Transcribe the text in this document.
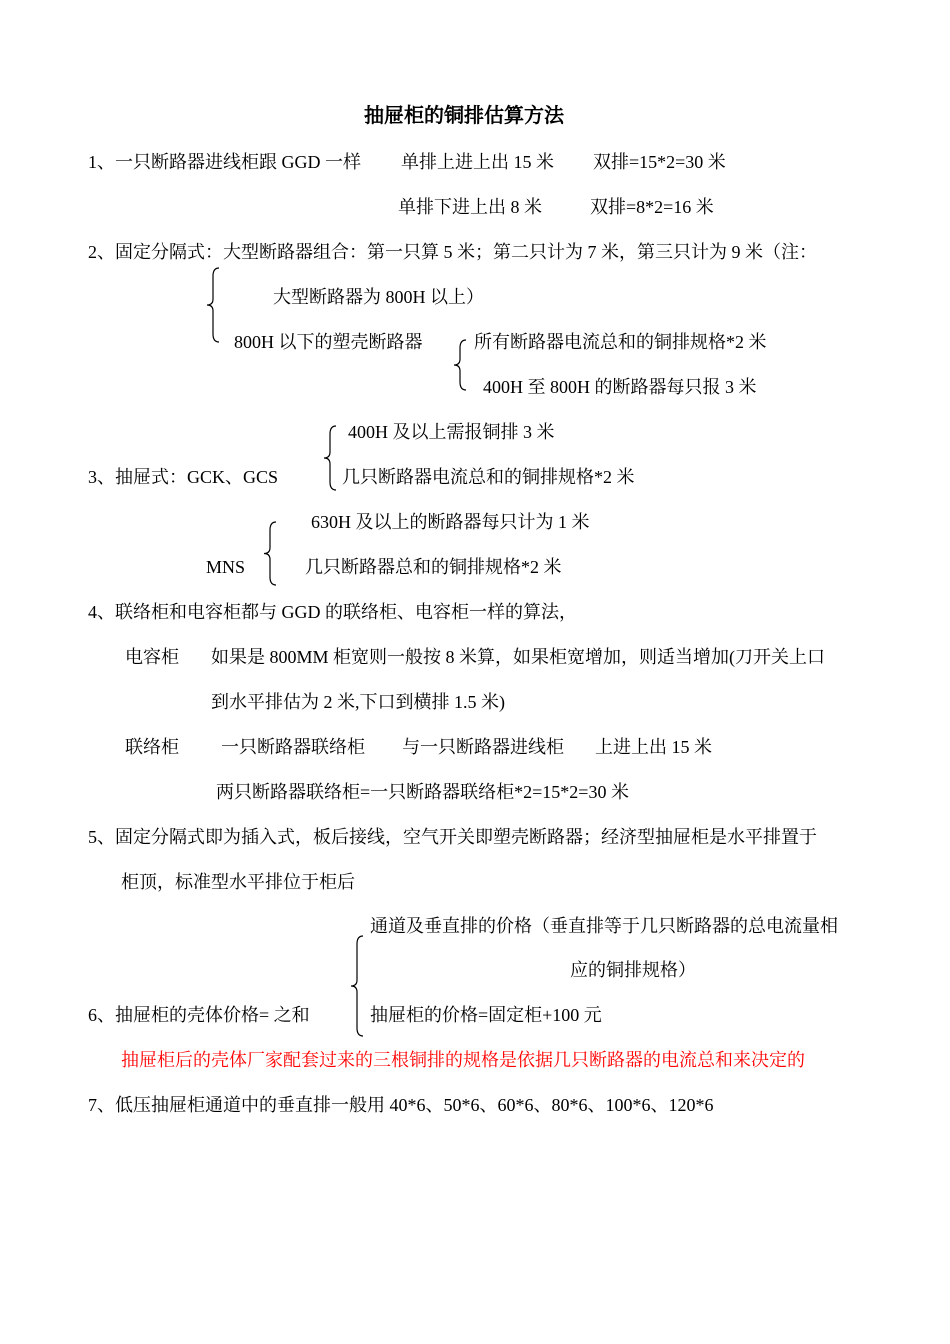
抽屉柜的铜排估算方法
1、一只断路器进线柜跟 GGD 一样 单排上进上出 15 米 双排=15*2=30 米
单排下进上出 8 米	双排=8*2=16 米
2、固定分隔式：大型断路器组合：第一只算 5 米；第二只计为 7 米，第三只计为 9 米（注：
大型断路器为 800H 以上）
800H 以下的塑壳断路器	所有断路器电流总和的铜排规格*2 米
400H 至 800H 的断路器每只报 3 米
400H 及以上需报铜排 3 米
3、抽屉式：GCK、GCS	几只断路器电流总和的铜排规格*2 米
630H 及以上的断路器每只计为 1 米
MNS	几只断路器总和的铜排规格*2 米
4、联络柜和电容柜都与 GGD 的联络柜、电容柜一样的算法，
电容柜 如果是 800MM 柜宽则一般按 8 米算，如果柜宽增加，则适当增加(刀开关上口
到水平排估为 2 米,下口到横排 1.5 米)
联络柜 一只断路器联络柜 与一只断路器进线柜 上进上出 15 米
两只断路器联络柜=一只断路器联络柜*2=15*2=30 米
5、固定分隔式即为插入式，板后接线，空气开关即塑壳断路器；经济型抽屉柜是水平排置于
柜顶，标准型水平排位于柜后
通道及垂直排的价格（垂直排等于几只断路器的总电流量相
应的铜排规格）
6、抽屉柜的壳体价格= 之和	抽屉柜的价格=固定柜+100 元
抽屉柜后的壳体厂家配套过来的三根铜排的规格是依据几只断路器的电流总和来决定的
7、低压抽屉柜通道中的垂直排一般用 40*6、50*6、60*6、80*6、100*6、120*6
